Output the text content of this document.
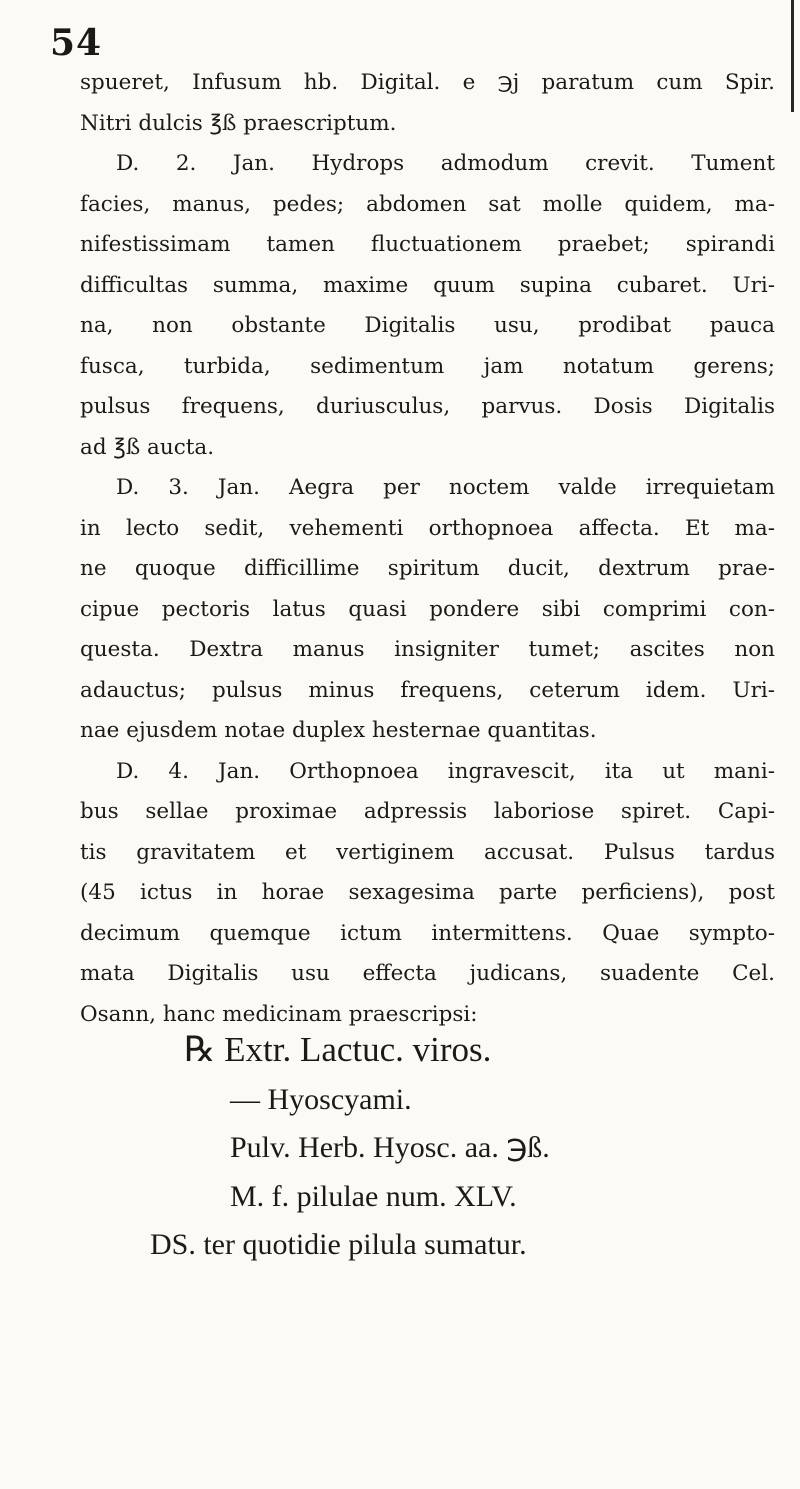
54
spueret, Infusum hb. Digital. e ℈j paratum cum Spir.
Nitri dulcis ℥ß praescriptum.
D. 2. Jan. Hydrops admodum crevit. Tument
facies, manus, pedes; abdomen sat molle quidem, ma-
nifestissimam tamen fluctuationem praebet; spirandi
difficultas summa, maxime quum supina cubaret. Uri-
na, non obstante Digitalis usu, prodibat pauca
fusca, turbida, sedimentum jam notatum gerens;
pulsus frequens, duriusculus, parvus. Dosis Digitalis
ad ℥ß aucta.
D. 3. Jan. Aegra per noctem valde irrequietam
in lecto sedit, vehementi orthopnoea affecta. Et ma-
ne quoque difficillime spiritum ducit, dextrum prae-
cipue pectoris latus quasi pondere sibi comprimi con-
questa. Dextra manus insigniter tumet; ascites non
adauctus; pulsus minus frequens, ceterum idem. Uri-
nae ejusdem notae duplex hesternae quantitas.
D. 4. Jan. Orthopnoea ingravescit, ita ut mani-
bus sellae proximae adpressis laboriose spiret. Capi-
tis gravitatem et vertiginem accusat. Pulsus tardus
(45 ictus in horae sexagesima parte perficiens), post
decimum quemque ictum intermittens. Quae sympto-
mata Digitalis usu effecta judicans, suadente Cel.
Osann, hanc medicinam praescripsi:
℞ Extr. Lactuc. viros.
— Hyoscyami.
Pulv. Herb. Hyosc. aa. ℈ß.
M. f. pilulae num. XLV.
DS. ter quotidie pilula sumatur.
